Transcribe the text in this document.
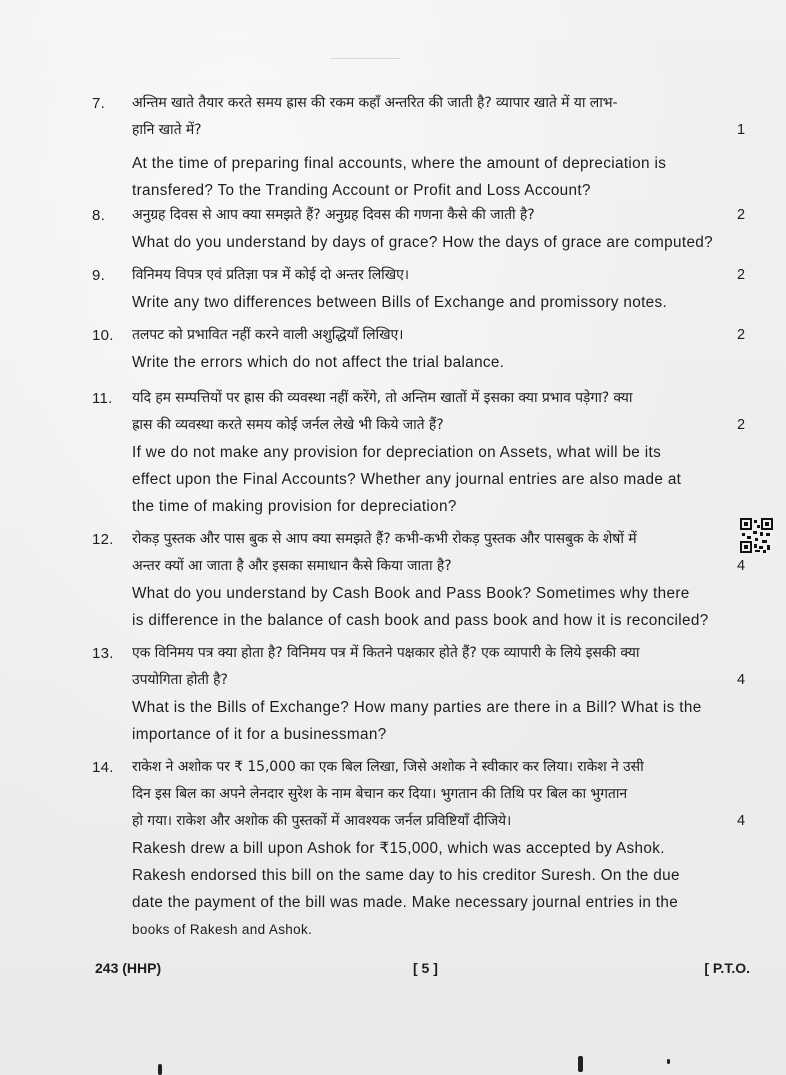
7. अन्तिम खाते तैयार करते समय ह्रास की रकम कहाँ अन्तरित की जाती है? व्यापार खाते में या लाभ-
हानि खाते में?	1
At the time of preparing final accounts, where the amount of depreciation is
transfered? To the Tranding Account or Profit and Loss Account?
8. अनुग्रह दिवस से आप क्या समझते हैं? अनुग्रह दिवस की गणना कैसे की जाती है?	2
What do you understand by days of grace? How the days of grace are computed?
9. विनिमय विपत्र एवं प्रतिज्ञा पत्र में कोई दो अन्तर लिखिए।	2
Write any two differences between Bills of Exchange and promissory notes.
10. तलपट को प्रभावित नहीं करने वाली अशुद्धियाँ लिखिए।	2
Write the errors which do not affect the trial balance.
11. यदि हम सम्पत्तियों पर ह्रास की व्यवस्था नहीं करेंगे, तो अन्तिम खातों में इसका क्या प्रभाव पड़ेगा? क्या
ह्रास की व्यवस्था करते समय कोई जर्नल लेखे भी किये जाते हैं?	2
If we do not make any provision for depreciation on Assets, what will be its
effect upon the Final Accounts? Whether any journal entries are also made at
the time of making provision for depreciation?
12. रोकड़ पुस्तक और पास बुक से आप क्या समझते हैं? कभी-कभी रोकड़ पुस्तक और पासबुक के शेषों में
अन्तर क्यों आ जाता है और इसका समाधान कैसे किया जाता है?	4
What do you understand by Cash Book and Pass Book? Sometimes why there
is difference in the balance of cash book and pass book and how it is reconciled?
13. एक विनिमय पत्र क्या होता है? विनिमय पत्र में कितने पक्षकार होते हैं? एक व्यापारी के लिये इसकी क्या
उपयोगिता होती है?	4
What is the Bills of Exchange? How many parties are there in a Bill? What is the
importance of it for a businessman?
14. राकेश ने अशोक पर ₹ 15,000 का एक बिल लिखा, जिसे अशोक ने स्वीकार कर लिया। राकेश ने उसी
दिन इस बिल का अपने लेनदार सुरेश के नाम बेचान कर दिया। भुगतान की तिथि पर बिल का भुगतान
हो गया। राकेश और अशोक की पुस्तकों में आवश्यक जर्नल प्रविष्टियाँ दीजिये।	4
Rakesh drew a bill upon Ashok for ₹15,000, which was accepted by Ashok.
Rakesh endorsed this bill on the same day to his creditor Suresh. On the due
date the payment of the bill was made. Make necessary journal entries in the
books of Rakesh and Ashok.
243 (HHP)	[ 5 ]	[ P.T.O.
